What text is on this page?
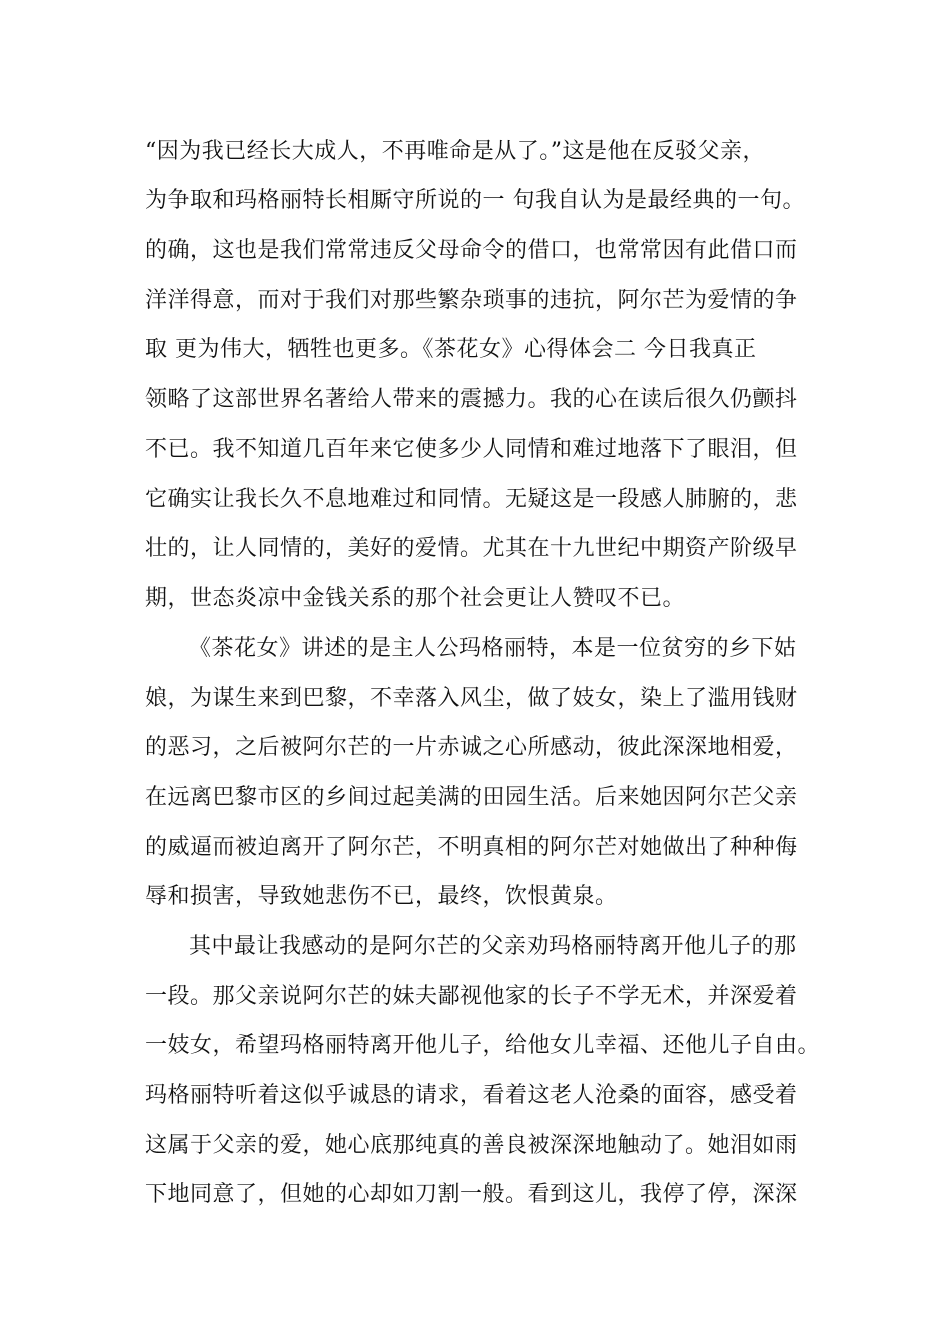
“因为我已经长大成人，不再唯命是从了。”这是他在反驳父亲，
为争取和玛格丽特长相厮守所说的一 句我自认为是最经典的一句。
的确，这也是我们常常违反父母命令的借口，也常常因有此借口而
洋洋得意，而对于我们对那些繁杂琐事的违抗，阿尔芒为爱情的争
取 更为伟大，牺牲也更多。《茶花女》心得体会二 今日我真正
领略了这部世界名著给人带来的震撼力。我的心在读后很久仍颤抖
不已。我不知道几百年来它使多少人同情和难过地落下了眼泪，但
它确实让我长久不息地难过和同情。无疑这是一段感人肺腑的，悲
壮的，让人同情的，美好的爱情。尤其在十九世纪中期资产阶级早
期，世态炎凉中金钱关系的那个社会更让人赞叹不已。
《茶花女》讲述的是主人公玛格丽特，本是一位贫穷的乡下姑
娘，为谋生来到巴黎，不幸落入风尘，做了妓女，染上了滥用钱财
的恶习，之后被阿尔芒的一片赤诚之心所感动，彼此深深地相爱，
在远离巴黎市区的乡间过起美满的田园生活。后来她因阿尔芒父亲
的威逼而被迫离开了阿尔芒，不明真相的阿尔芒对她做出了种种侮
辱和损害，导致她悲伤不已，最终，饮恨黄泉。
其中最让我感动的是阿尔芒的父亲劝玛格丽特离开他儿子的那
一段。那父亲说阿尔芒的妹夫鄙视他家的长子不学无术，并深爱着
一妓女，希望玛格丽特离开他儿子，给他女儿幸福、还他儿子自由。
玛格丽特听着这似乎诚恳的请求，看着这老人沧桑的面容，感受着
这属于父亲的爱，她心底那纯真的善良被深深地触动了。她泪如雨
下地同意了，但她的心却如刀割一般。看到这儿，我停了停，深深
